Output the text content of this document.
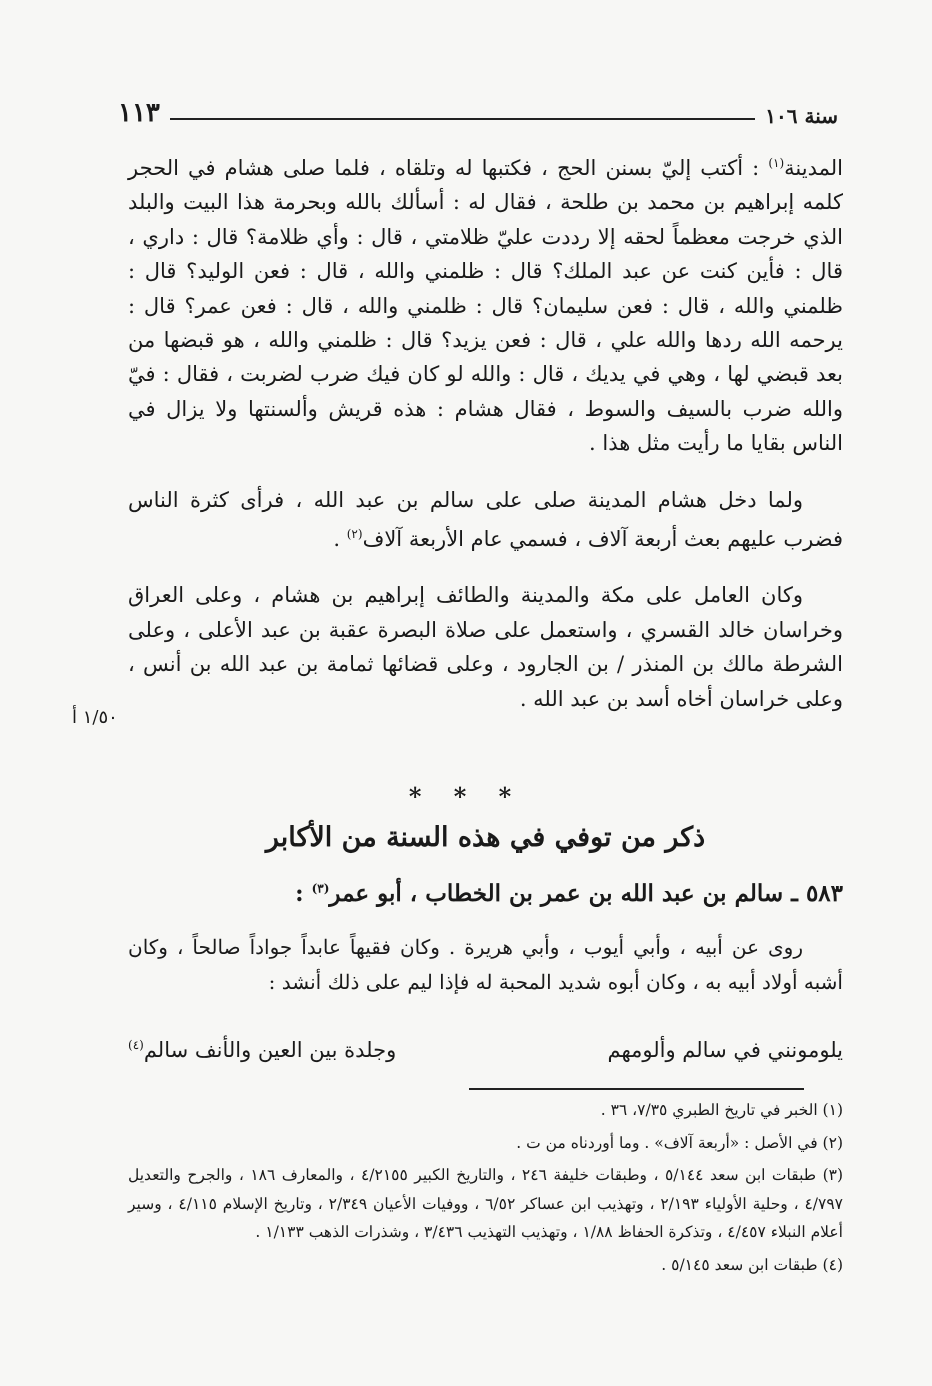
سنة ١٠٦
١١٣

المدينة$^{(١)}$ : أكتب إليّ بسنن الحج ، فكتبها له وتلقاه ، فلما صلى هشام في الحجر كلمه إبراهيم بن محمد بن طلحة ، فقال له : أسألك بالله وبحرمة هذا البيت والبلد الذي خرجت معظماً لحقه إلا رددت عليّ ظلامتي ، قال : وأي ظلامة؟ قال : داري ، قال : فأين كنت عن عبد الملك؟ قال : ظلمني والله ، قال : فعن الوليد؟ قال : ظلمني والله ، قال : فعن سليمان؟ قال : ظلمني والله ، قال : فعن عمر؟ قال : يرحمه الله ردها والله علي ، قال : فعن يزيد؟ قال : ظلمني والله ، هو قبضها من بعد قبضي لها ، وهي في يديك ، قال : والله لو كان فيك ضرب لضربت ، فقال : فيّ والله ضرب بالسيف والسوط ، فقال هشام : هذه قريش وألسنتها ولا يزال في الناس بقايا ما رأيت مثل هذا .

ولما دخل هشام المدينة صلى على سالم بن عبد الله ، فرأى كثرة الناس فضرب عليهم بعث أربعة آلاف ، فسمي عام الأربعة آلاف$^{(٢)}$ .

وكان العامل على مكة والمدينة والطائف إبراهيم بن هشام ، وعلى العراق وخراسان خالد القسري ، واستعمل على صلاة البصرة عقبة بن عبد الأعلى ، وعلى الشرطة مالك بن المنذر / بن الجارود ، وعلى قضائها ثمامة بن عبد الله بن أنس ، وعلى خراسان أخاه أسد بن عبد الله .

١/٥٠ أ
* * *
ذكر من توفي في هذه السنة من الأكابر
٥٨٣ ـ سالم بن عبد الله بن عمر بن الخطاب ، أبو عمر$^{(٣)}$ :

روى عن أبيه ، وأبي أيوب ، وأبي هريرة . وكان فقيهاً عابداً جواداً صالحاً ، وكان أشبه أولاد أبيه به ، وكان أبوه شديد المحبة له فإذا ليم على ذلك أنشد :

يلومونني في سالم وألومهم
وجلدة بين العين والأنف سالم$^{(٤)}$
(١) الخبر في تاريخ الطبري ٧/٣٥، ٣٦ .
(٢) في الأصل : «أربعة آلاف» . وما أوردناه من ت .
(٣) طبقات ابن سعد ٥/١٤٤ ، وطبقات خليفة ٢٤٦ ، والتاريخ الكبير ٤/٢١٥٥ ، والمعارف ١٨٦ ، والجرح والتعديل ٤/٧٩٧ ، وحلية الأولياء ٢/١٩٣ ، وتهذيب ابن عساكر ٦/٥٢ ، ووفيات الأعيان ٢/٣٤٩ ، وتاريخ الإسلام ٤/١١٥ ، وسير أعلام النبلاء ٤/٤٥٧ ، وتذكرة الحفاظ ١/٨٨ ، وتهذيب التهذيب ٣/٤٣٦ ، وشذرات الذهب ١/١٣٣ .
(٤) طبقات ابن سعد ٥/١٤٥ .
